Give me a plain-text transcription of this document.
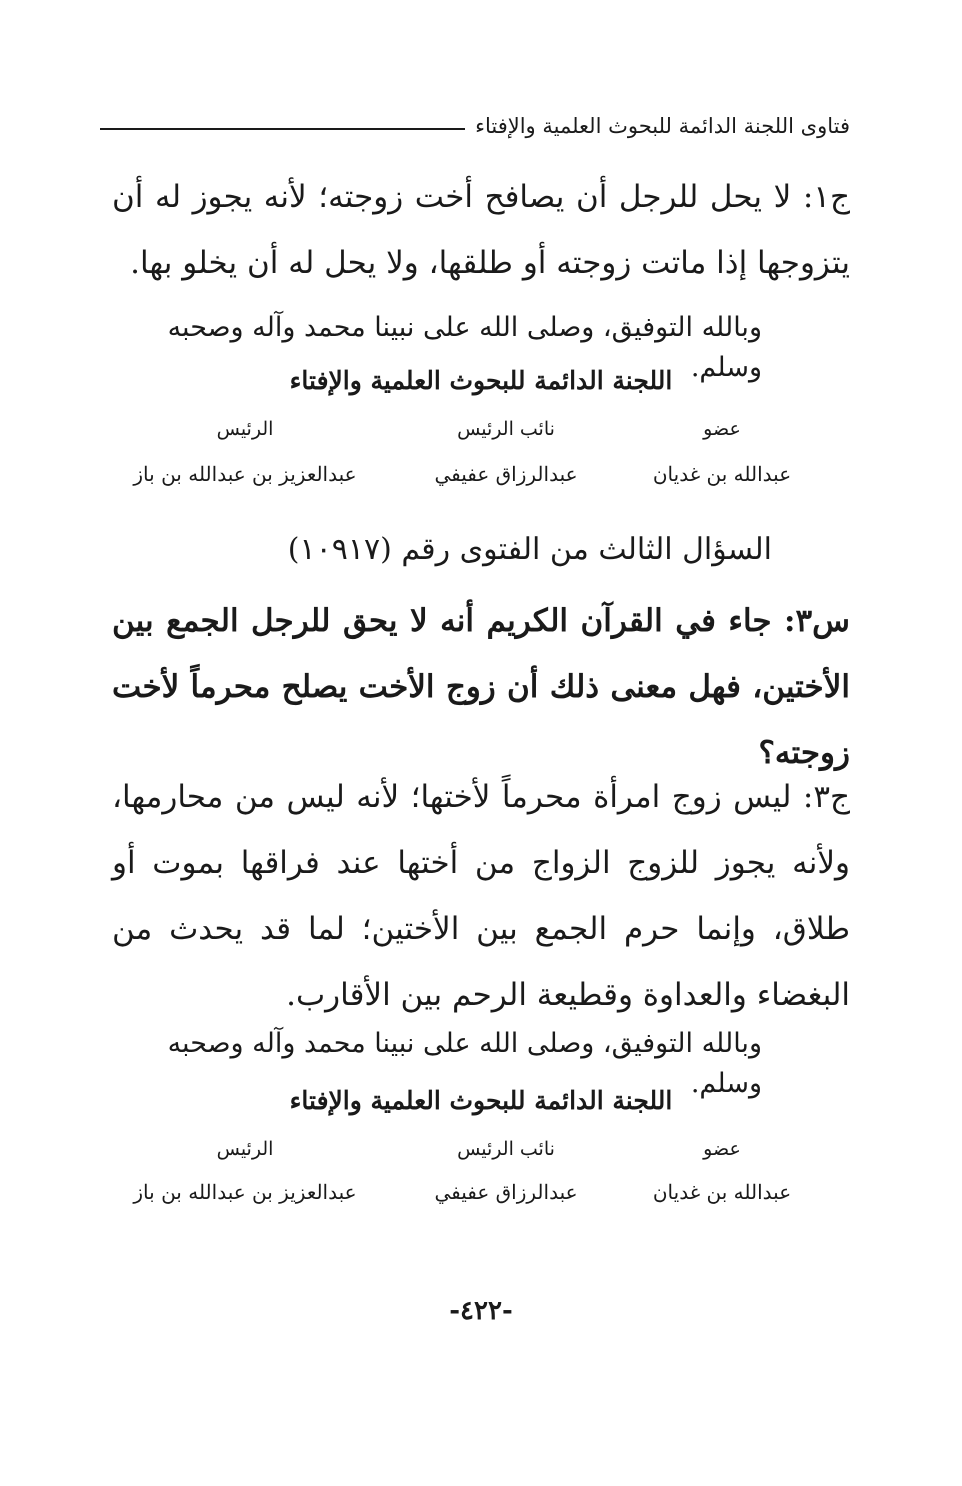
فتاوى اللجنة الدائمة للبحوث العلمية والإفتاء
ج١: لا يحل للرجل أن يصافح أخت زوجته؛ لأنه يجوز له أن يتزوجها إذا ماتت زوجته أو طلقها، ولا يحل له أن يخلو بها.
وبالله التوفيق، وصلى الله على نبينا محمد وآله وصحبه وسلم.
اللجنة الدائمة للبحوث العلمية والإفتاء
عضو
نائب الرئيس
الرئيس
عبدالله بن غديان
عبدالرزاق عفيفي
عبدالعزيز بن عبدالله بن باز
السؤال الثالث من الفتوى رقم (١٠٩١٧)
س٣: جاء في القرآن الكريم أنه لا يحق للرجل الجمع بين الأختين، فهل معنى ذلك أن زوج الأخت يصلح محرماً لأخت زوجته؟
ج٣: ليس زوج امرأة محرماً لأختها؛ لأنه ليس من محارمها، ولأنه يجوز للزوج الزواج من أختها عند فراقها بموت أو طلاق، وإنما حرم الجمع بين الأختين؛ لما قد يحدث من البغضاء والعداوة وقطيعة الرحم بين الأقارب.
وبالله التوفيق، وصلى الله على نبينا محمد وآله وصحبه وسلم.
اللجنة الدائمة للبحوث العلمية والإفتاء
عضو
نائب الرئيس
الرئيس
عبدالله بن غديان
عبدالرزاق عفيفي
عبدالعزيز بن عبدالله بن باز
-٤٢٢-
